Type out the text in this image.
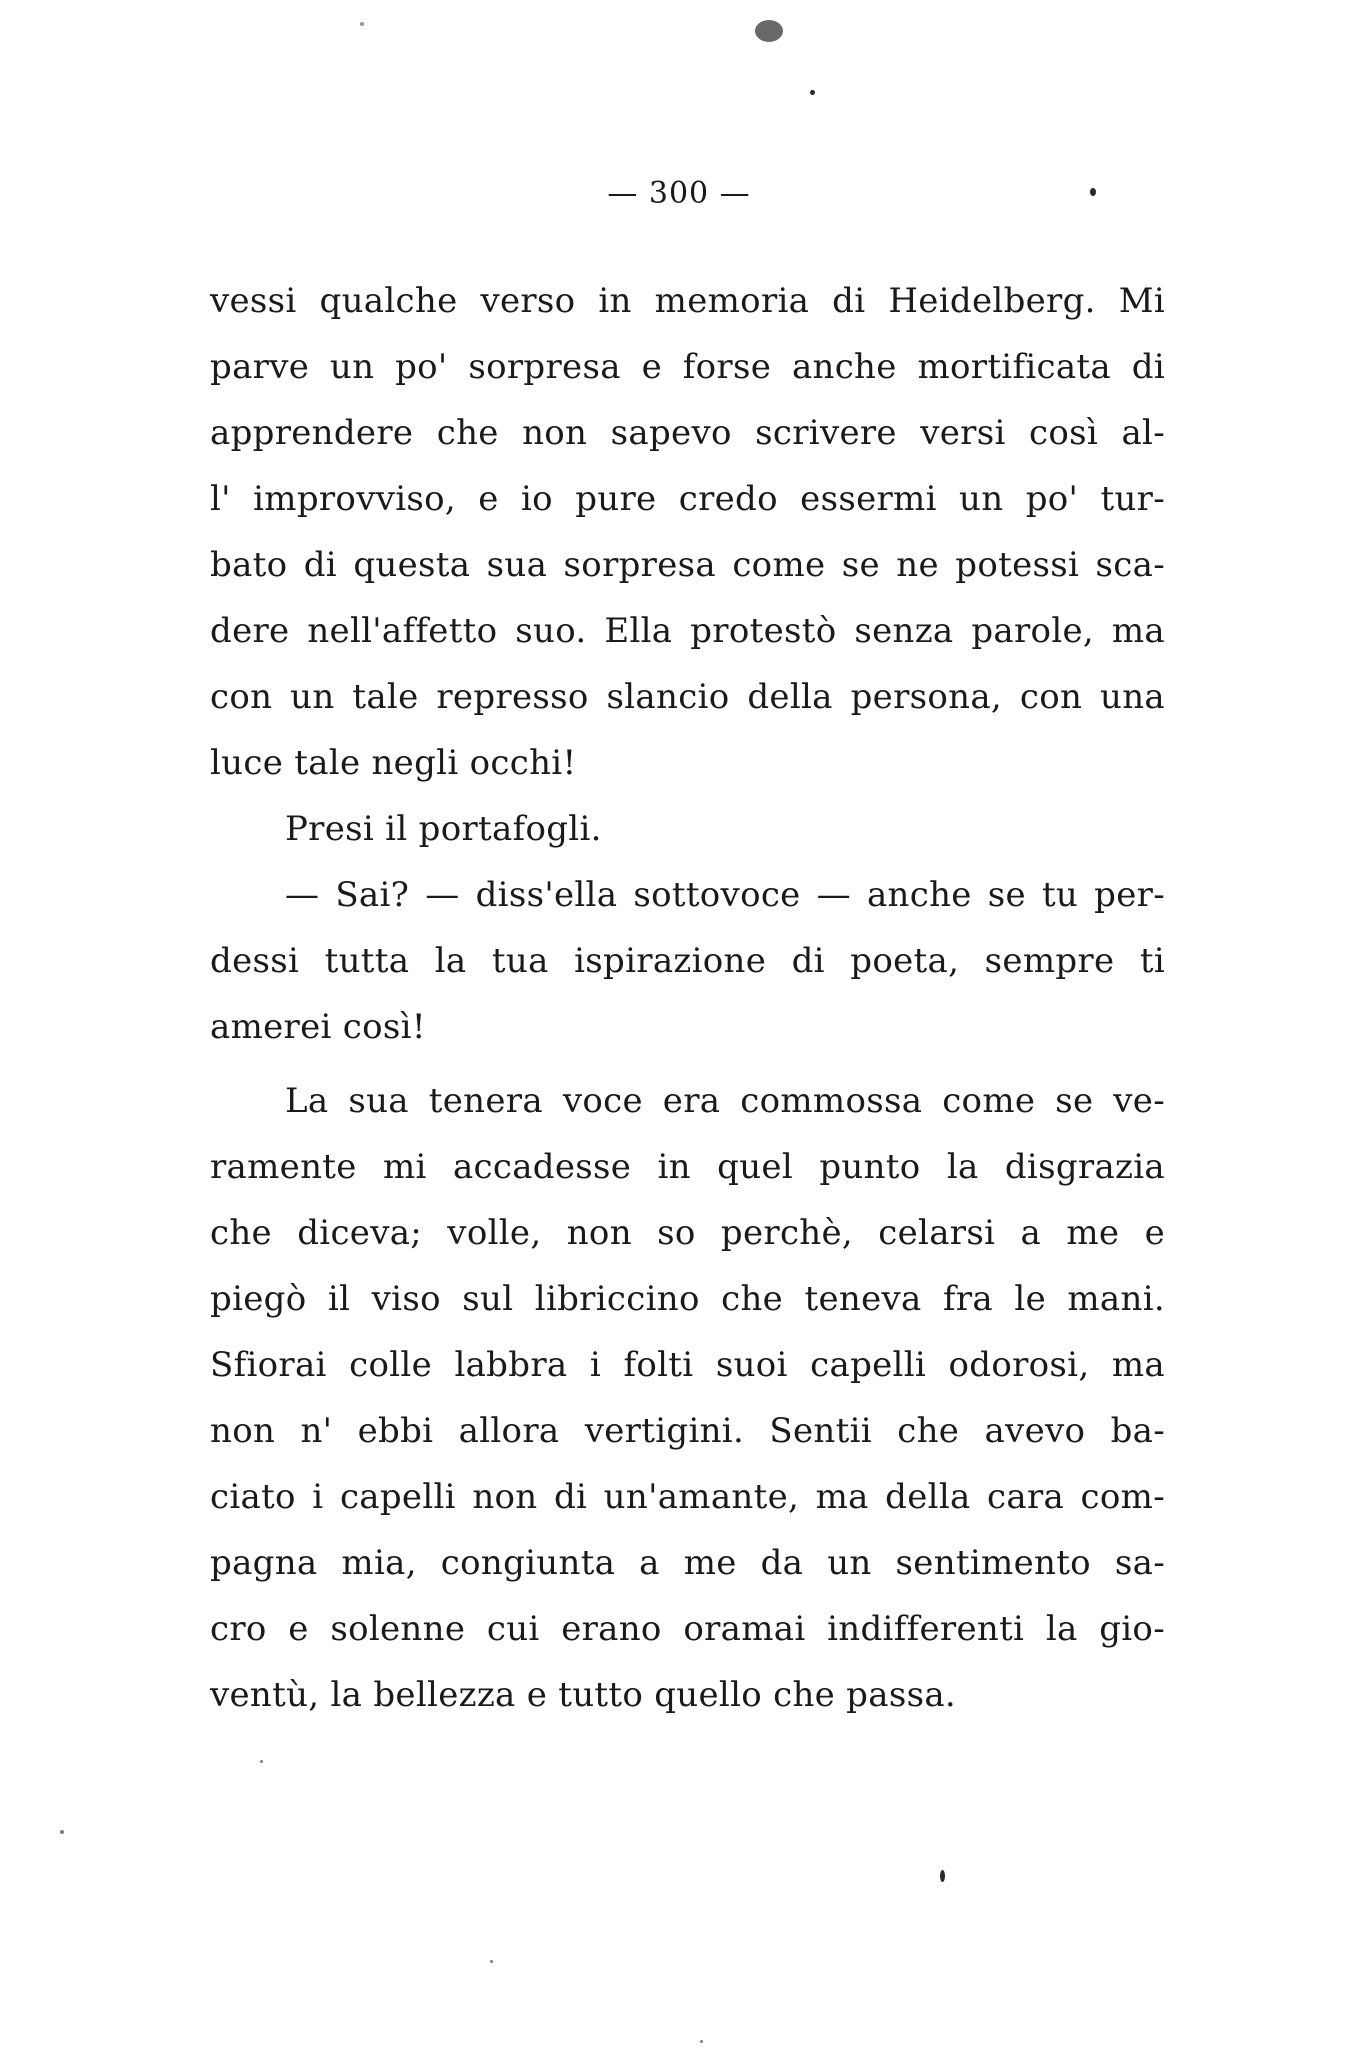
— 300 —
vessi qualche verso in memoria di Heidelberg. Mi
parve un po' sorpresa e forse anche mortificata di
apprendere che non sapevo scrivere versi così al-
l' improvviso, e io pure credo essermi un po' tur-
bato di questa sua sorpresa come se ne potessi sca-
dere nell'affetto suo. Ella protestò senza parole, ma
con un tale represso slancio della persona, con una
luce tale negli occhi!
Presi il portafogli.
— Sai? — diss'ella sottovoce — anche se tu per-
dessi tutta la tua ispirazione di poeta, sempre ti
amerei così!
La sua tenera voce era commossa come se ve-
ramente mi accadesse in quel punto la disgrazia
che diceva; volle, non so perchè, celarsi a me e
piegò il viso sul libriccino che teneva fra le mani.
Sfiorai colle labbra i folti suoi capelli odorosi, ma
non n' ebbi allora vertigini. Sentii che avevo ba-
ciato i capelli non di un'amante, ma della cara com-
pagna mia, congiunta a me da un sentimento sa-
cro e solenne cui erano oramai indifferenti la gio-
ventù, la bellezza e tutto quello che passa.
